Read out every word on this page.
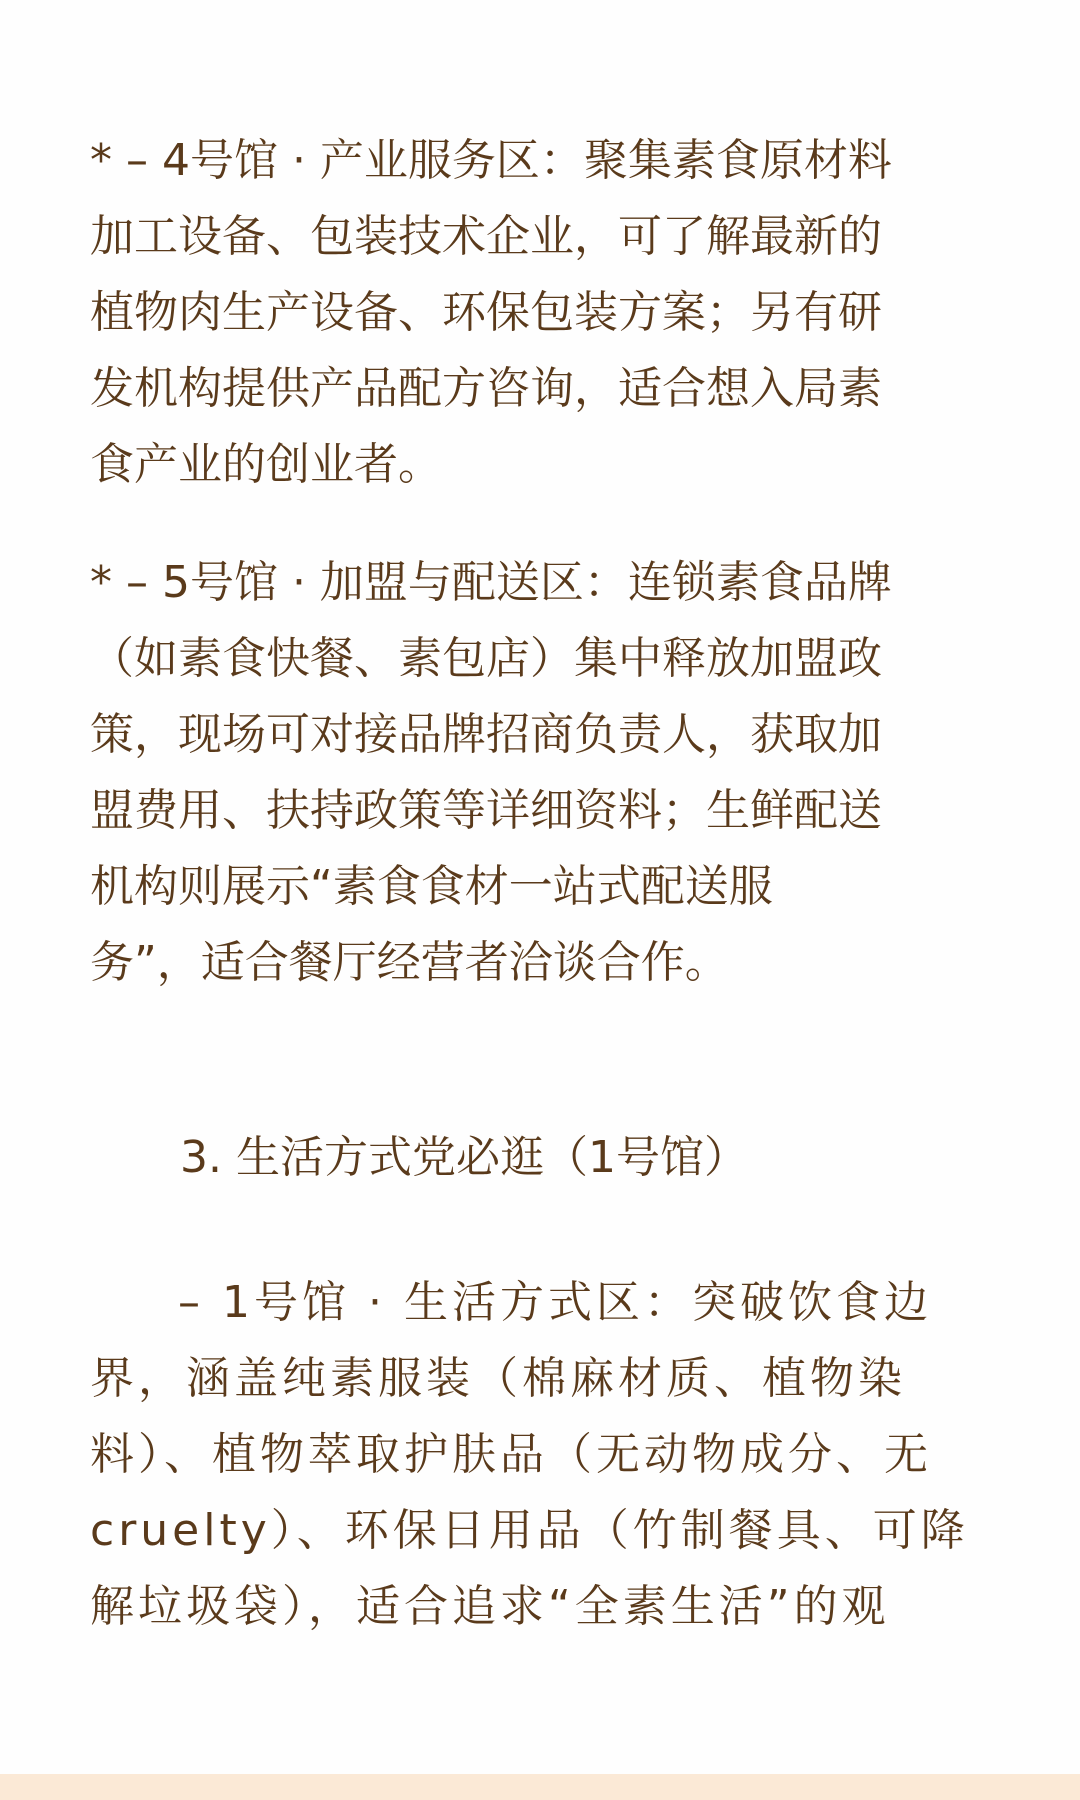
* – 4号馆 · 产业服务区：聚集素食原材料
加工设备、包装技术企业，可了解最新的
植物肉生产设备、环保包装方案；另有研
发机构提供产品配方咨询，适合想入局素
食产业的创业者。

* – 5号馆 · 加盟与配送区：连锁素食品牌
（如素食快餐、素包店）集中释放加盟政
策，现场可对接品牌招商负责人，获取加
盟费用、扶持政策等详细资料；生鲜配送
机构则展示“素食食材一站式配送服
务”，适合餐厅经营者洽谈合作。

3. 生活方式党必逛（1号馆）

– 1号馆 · 生活方式区：突破饮食边
界，涵盖纯素服装（棉麻材质、植物染
料）、植物萃取护肤品（无动物成分、无
cruelty）、环保日用品（竹制餐具、可降
解垃圾袋），适合追求“全素生活”的观
